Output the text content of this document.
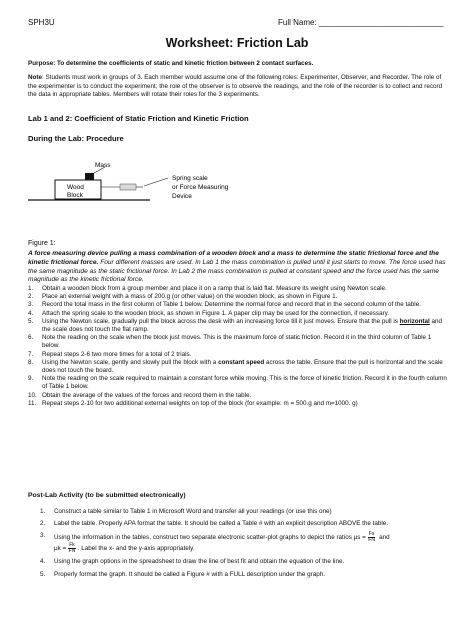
SPH3U	Full Name: ____________________________
Worksheet: Friction Lab
Purpose: To determine the coefficients of static and kinetic friction between 2 contact surfaces.
Note: Students must work in groups of 3. Each member would assume one of the following roles: Experimenter, Observer, and Recorder. The role of the experimenter is to conduct the experiment; the role of the observer is to observe the readings, and the role of the recorder is to collect and record the data in appropriate tables. Members will rotate their roles for the 3 experiments.
Lab 1 and 2: Coefficient of Static Friction and Kinetic Friction
During the Lab: Procedure
Mass
Wood
Block
Spring scale
or Force Measuring
Device
Figure 1:
A force measuring device pulling a mass combination of a wooden block and a mass to determine the static frictional force and the kinetic frictional force. Four different masses are used. In Lab 1 the mass combination is pulled until it just starts to move. The force used has the same magnitude as the static frictional force. In Lab 2 the mass combination is pulled at constant speed and the force used has the same magnitude as the kinetic frictional force.
1. Obtain a wooden block from a group member and place it on a ramp that is laid flat. Measure its weight using Newton scale.
2. Place an external weight with a mass of 200.g (or other value) on the wooden block, as shown in Figure 1.
3. Record the total mass in the first column of Table 1 below. Determine the normal force and record that in the second column of the table.
4. Attach the spring scale to the wooden block, as shown in Figure 1. A paper clip may be used for the connection, if necessary.
5. Using the Newton scale, gradually pull the block across the desk with an increasing force till it just moves. Ensure that the pull is horizontal and the scale does not touch the flat ramp.
6. Note the reading on the scale when the block just moves. This is the maximum force of static friction. Record it in the third column of Table 1 below.
7. Repeat steps 2-6 two more times for a total of 2 trials.
8. Using the Newton scale, gently and slowly pull the block with a constant speed across the table. Ensure that the pull is horizontal and the scale does not touch the board.
9. Note the reading on the scale required to maintain a constant force while moving. This is the force of kinetic friction. Record it in the fourth column of Table 1 below.
10. Obtain the average of the values of the forces and record them in the table.
11. Repeat steps 2-10 for two additional external weights on top of the block (for example: m = 500.g and m=1000. g)
Post-Lab Activity (to be submitted electronically)
1. Construct a table similar to Table 1 in Microsoft Word and transfer all your readings (or use this one)
2. Label the table. Properly APA format the table. It should be called a Table # with an explicit description ABOVE the table.
3. Using the information in the tables, construct two separate electronic scatter-plot graphs to depict the ratios $\mu s = \frac{Fs}{FN}$ and
$\mu k = \frac{Fk}{FN}$ . Label the x- and the y-axis appropriately.
4. Using the graph options in the spreadsheet to draw the line of best fit and obtain the equation of the line.
5. Properly format the graph. It should be called a Figure # with a FULL description under the graph.
